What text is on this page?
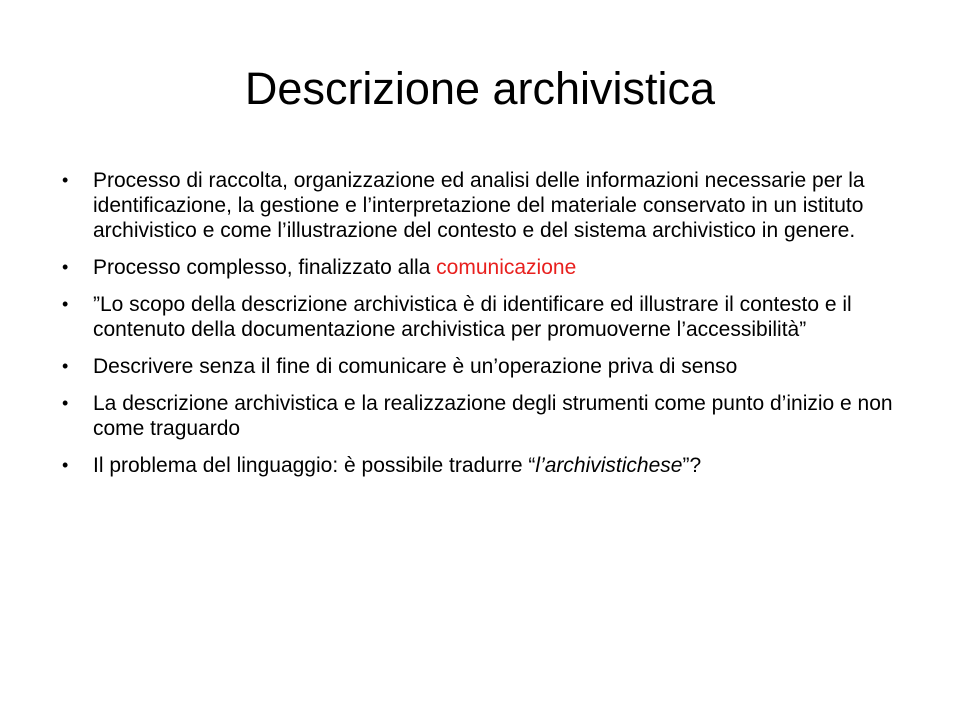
Descrizione archivistica
•	Processo di raccolta, organizzazione ed analisi delle informazioni necessarie per la identificazione, la gestione e l’interpretazione del materiale conservato in un istituto archivistico e come l’illustrazione del contesto e del sistema archivistico in genere.
•	Processo complesso, finalizzato alla comunicazione
•	”Lo scopo della descrizione archivistica è di identificare ed illustrare il contesto e il contenuto della documentazione archivistica per promuoverne l’accessibilità”
•	Descrivere senza il fine di comunicare è un’operazione priva di senso
•	La descrizione archivistica e la realizzazione degli strumenti come punto d’inizio e non come traguardo
•	Il problema del linguaggio: è possibile tradurre “l’archivistichese”?
